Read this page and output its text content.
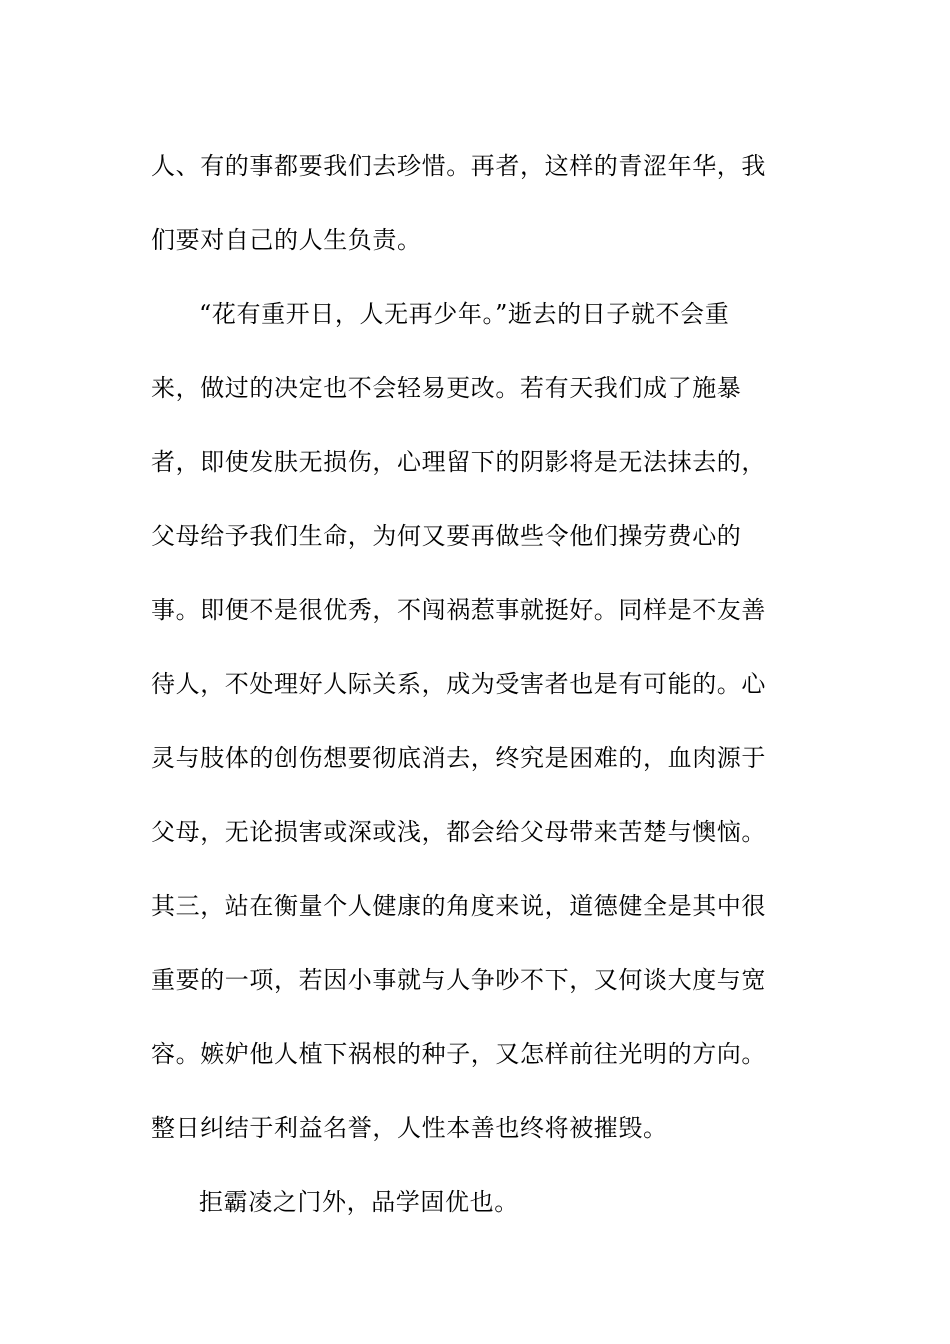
人、有的事都要我们去珍惜。再者，这样的青涩年华，我
们要对自己的人生负责。
“花有重开日，人无再少年。”逝去的日子就不会重
来，做过的决定也不会轻易更改。若有天我们成了施暴
者，即使发肤无损伤，心理留下的阴影将是无法抹去的，
父母给予我们生命，为何又要再做些令他们操劳费心的
事。即便不是很优秀，不闯祸惹事就挺好。同样是不友善
待人，不处理好人际关系，成为受害者也是有可能的。心
灵与肢体的创伤想要彻底消去，终究是困难的，血肉源于
父母，无论损害或深或浅，都会给父母带来苦楚与懊恼。
其三，站在衡量个人健康的角度来说，道德健全是其中很
重要的一项，若因小事就与人争吵不下，又何谈大度与宽
容。嫉妒他人植下祸根的种子，又怎样前往光明的方向。
整日纠结于利益名誉，人性本善也终将被摧毁。
拒霸凌之门外，品学固优也。
